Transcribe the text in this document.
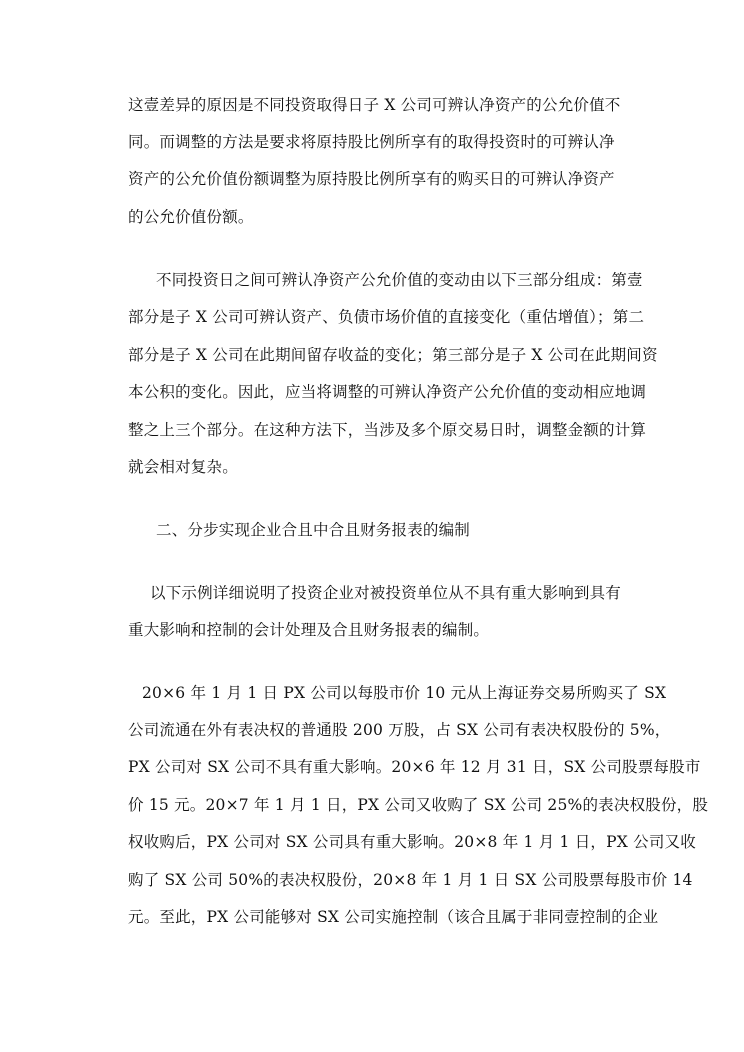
这壹差异的原因是不同投资取得日子 X 公司可辨认净资产的公允价值不
同。而调整的方法是要求将原持股比例所享有的取得投资时的可辨认净
资产的公允价值份额调整为原持股比例所享有的购买日的可辨认净资产
的公允价值份额。
不同投资日之间可辨认净资产公允价值的变动由以下三部分组成：第壹
部分是子 X 公司可辨认资产、负债市场价值的直接变化（重估增值）；第二
部分是子 X 公司在此期间留存收益的变化；第三部分是子 X 公司在此期间资
本公积的变化。因此，应当将调整的可辨认净资产公允价值的变动相应地调
整之上三个部分。在这种方法下，当涉及多个原交易日时，调整金额的计算
就会相对复杂。
二、分步实现企业合且中合且财务报表的编制
以下示例详细说明了投资企业对被投资单位从不具有重大影响到具有
重大影响和控制的会计处理及合且财务报表的编制。
20×6 年 1 月 1 日 PX 公司以每股市价 10 元从上海证券交易所购买了 SX
公司流通在外有表决权的普通股 200 万股，占 SX 公司有表决权股份的 5%，
PX 公司对 SX 公司不具有重大影响。20×6 年 12 月 31 日，SX 公司股票每股市
价 15 元。20×7 年 1 月 1 日，PX 公司又收购了 SX 公司 25%的表决权股份，股
权收购后，PX 公司对 SX 公司具有重大影响。20×8 年 1 月 1 日，PX 公司又收
购了 SX 公司 50%的表决权股份，20×8 年 1 月 1 日 SX 公司股票每股市价 14
元。至此，PX 公司能够对 SX 公司实施控制（该合且属于非同壹控制的企业
